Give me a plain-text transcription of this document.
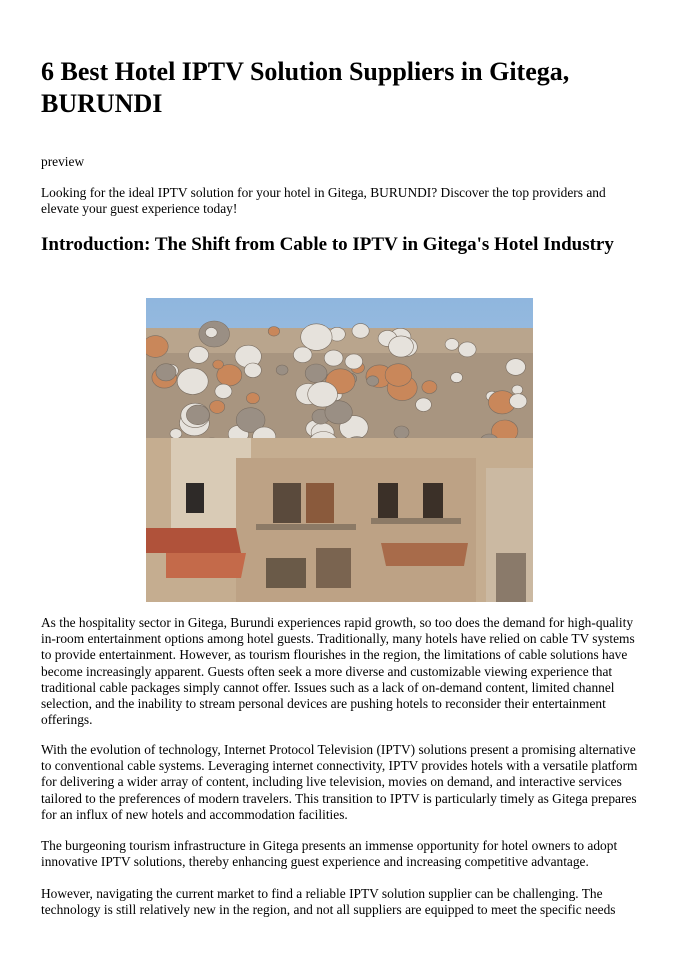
6 Best Hotel IPTV Solution Suppliers in Gitega, BURUNDI

preview

Looking for the ideal IPTV solution for your hotel in Gitega, BURUNDI? Discover the top providers and elevate your guest experience today!

Introduction: The Shift from Cable to IPTV in Gitega's Hotel Industry

As the hospitality sector in Gitega, Burundi experiences rapid growth, so too does the demand for high-quality in-room entertainment options among hotel guests. Traditionally, many hotels have relied on cable TV systems to provide entertainment. However, as tourism flourishes in the region, the limitations of cable solutions have become increasingly apparent. Guests often seek a more diverse and customizable viewing experience that traditional cable packages simply cannot offer. Issues such as a lack of on-demand content, limited channel selection, and the inability to stream personal devices are pushing hotels to reconsider their entertainment offerings.

With the evolution of technology, Internet Protocol Television (IPTV) solutions present a promising alternative to conventional cable systems. Leveraging internet connectivity, IPTV provides hotels with a versatile platform for delivering a wider array of content, including live television, movies on demand, and interactive services tailored to the preferences of modern travelers. This transition to IPTV is particularly timely as Gitega prepares for an influx of new hotels and accommodation facilities.

The burgeoning tourism infrastructure in Gitega presents an immense opportunity for hotel owners to adopt innovative IPTV solutions, thereby enhancing guest experience and increasing competitive advantage.

However, navigating the current market to find a reliable IPTV solution supplier can be challenging. The technology is still relatively new in the region, and not all suppliers are equipped to meet the specific needs
